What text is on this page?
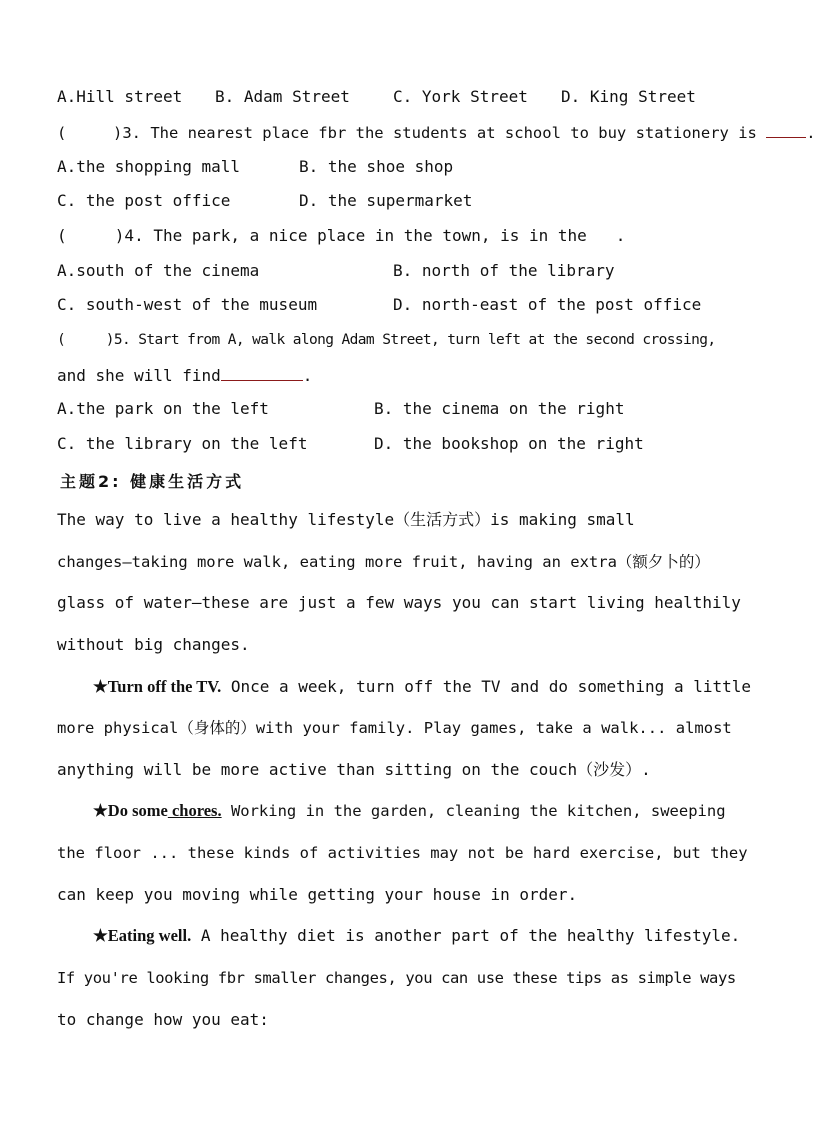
A.Hill street B. Adam Street	C. York Street D. King Street
(     )3. The nearest place fbr the students at school to buy stationery is	.
A.the shopping mall	B. the shoe shop
C. the post office	D. the supermarket
(     )4. The park, a nice place in the town, is in the   .
A.south of the cinema	B. north of the library
C. south-west of the museum	D. north-east of the post office
(     )5. Start from A, walk along Adam Street, turn left at the second crossing,
and she will find	.
A.the park on the left	B. the cinema on the right
C. the library on the left	D. the bookshop on the right
主题2: 健康生活方式
The way to live a healthy lifestyle（生活方式）is making small
changes—taking more walk, eating more fruit, having an extra（额夕卜的）
glass of water—these are just a few ways you can start living healthily
without big changes.
★Turn off the TV. Once a week, turn off the TV and do something a little
more physical（身体的）with your family. Play games, take a walk... almost
anything will be more active than sitting on the couch（沙发）.
★Do some chores. Working in the garden, cleaning the kitchen, sweeping
the floor ... these kinds of activities may not be hard exercise, but they
can keep you moving while getting your house in order.
★Eating well. A healthy diet is another part of the healthy lifestyle.
If you're looking fbr smaller changes, you can use these tips as simple ways
to change how you eat:
